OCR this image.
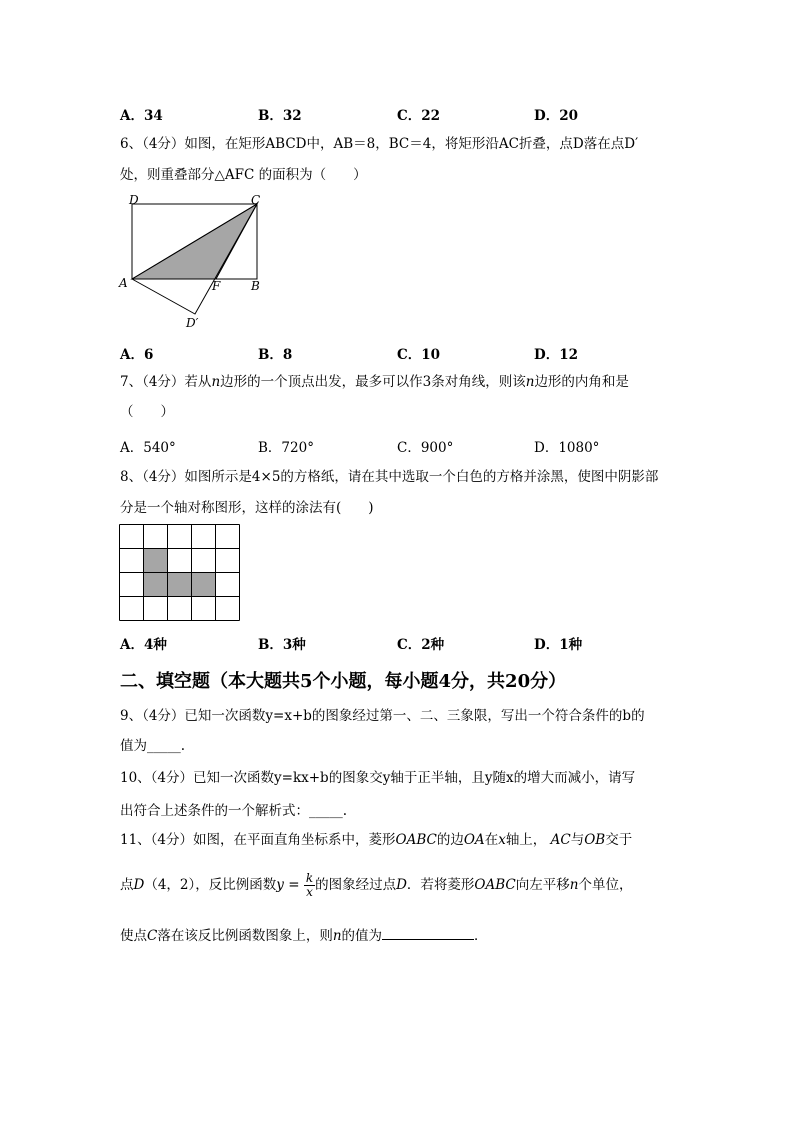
A．34	B．32	C．22	D．20
6、（4分）如图，在矩形ABCD中，AB＝8，BC＝4，将矩形沿AC折叠，点D落在点D′
处，则重叠部分△AFC 的面积为（　　）
D	C
A	F	B
D′
A．6	B．8	C．10	D．12
7、（4分）若从n边形的一个顶点出发，最多可以作3条对角线，则该n边形的内角和是
（　　）
A．540°	B．720°	C．900°	D．1080°
8、（4分）如图所示是4×5的方格纸，请在其中选取一个白色的方格并涂黑，使图中阴影部
分是一个轴对称图形，这样的涂法有(　　)
A．4种	B．3种	C．2种	D．1种
二、填空题（本大题共5个小题，每小题4分，共20分）
9、（4分）已知一次函数y=x+b的图象经过第一、二、三象限，写出一个符合条件的b的
值为_____.
10、（4分）已知一次函数y=kx+b的图象交y轴于正半轴，且y随x的增大而减小，请写
出符合上述条件的一个解析式：_____.
11、（4分）如图，在平面直角坐标系中，菱形OABC的边OA在x轴上， AC与OB交于
点D（4，2），反比例函数$y = \frac{k}{x}$ 的图象经过点D．若将菱形OABC向左平移n个单位，
使点C落在该反比例函数图象上，则n的值为	．
